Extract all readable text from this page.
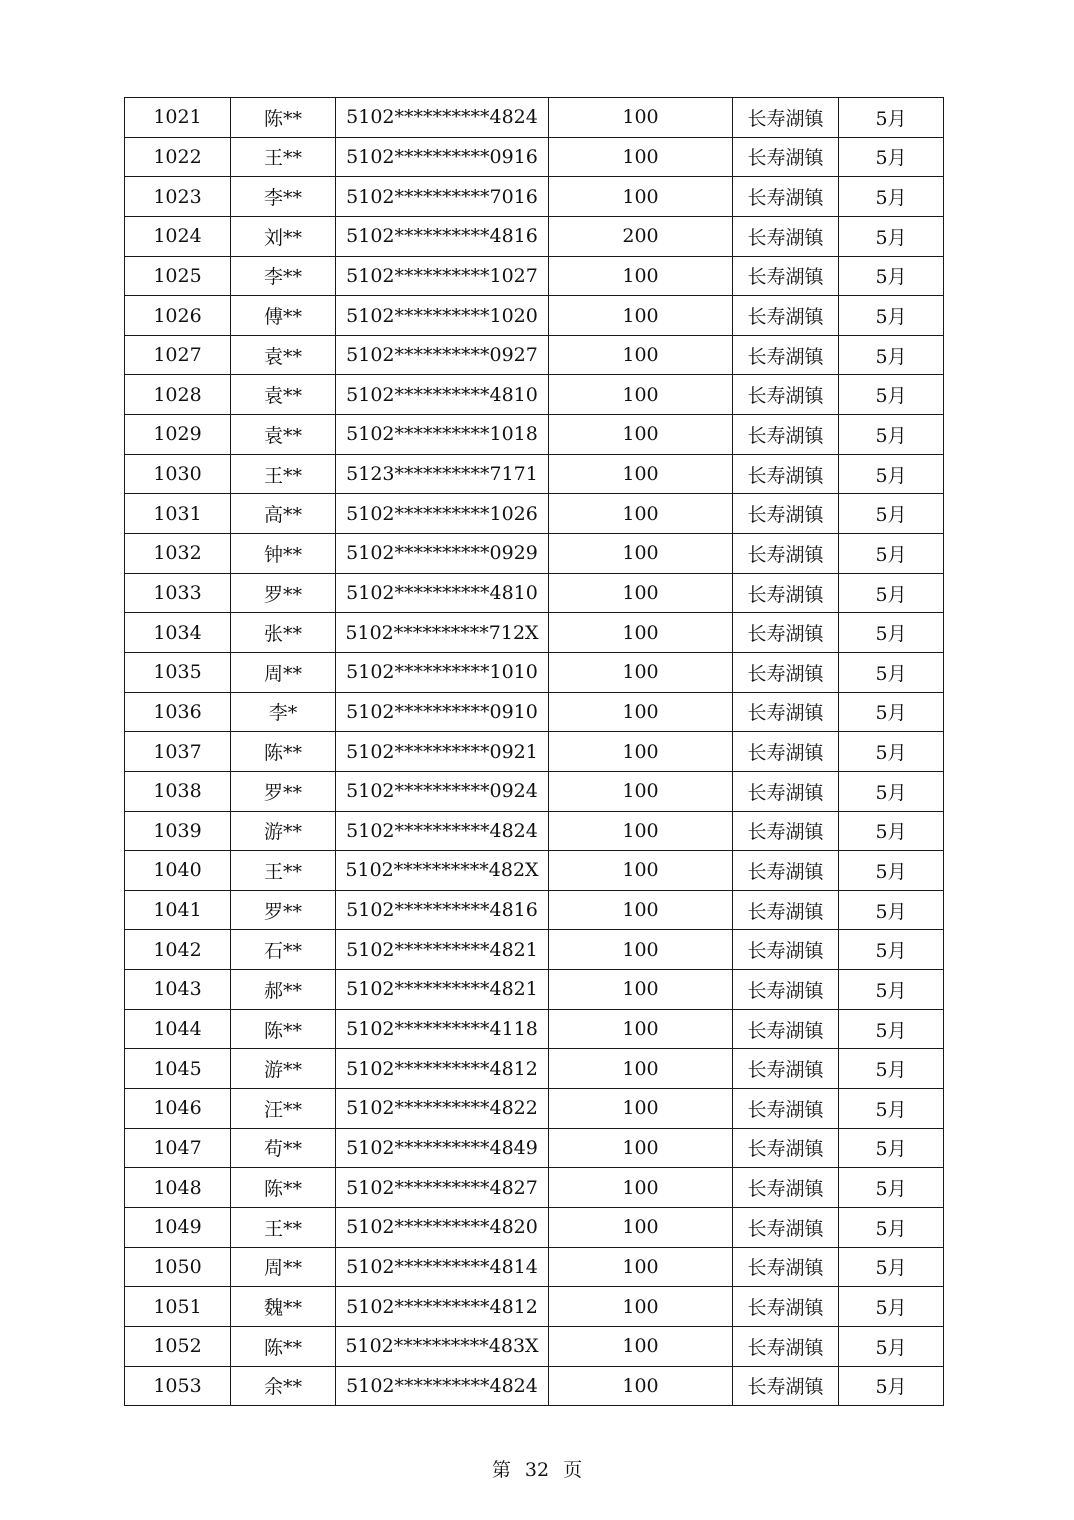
1021	陈**	5102**********4824	100	长寿湖镇	5月
1022	王**	5102**********0916	100	长寿湖镇	5月
1023	李**	5102**********7016	100	长寿湖镇	5月
1024	刘**	5102**********4816	200	长寿湖镇	5月
1025	李**	5102**********1027	100	长寿湖镇	5月
1026	傅**	5102**********1020	100	长寿湖镇	5月
1027	袁**	5102**********0927	100	长寿湖镇	5月
1028	袁**	5102**********4810	100	长寿湖镇	5月
1029	袁**	5102**********1018	100	长寿湖镇	5月
1030	王**	5123**********7171	100	长寿湖镇	5月
1031	高**	5102**********1026	100	长寿湖镇	5月
1032	钟**	5102**********0929	100	长寿湖镇	5月
1033	罗**	5102**********4810	100	长寿湖镇	5月
1034	张**	5102**********712X	100	长寿湖镇	5月
1035	周**	5102**********1010	100	长寿湖镇	5月
1036	李*	5102**********0910	100	长寿湖镇	5月
1037	陈**	5102**********0921	100	长寿湖镇	5月
1038	罗**	5102**********0924	100	长寿湖镇	5月
1039	游**	5102**********4824	100	长寿湖镇	5月
1040	王**	5102**********482X	100	长寿湖镇	5月
1041	罗**	5102**********4816	100	长寿湖镇	5月
1042	石**	5102**********4821	100	长寿湖镇	5月
1043	郝**	5102**********4821	100	长寿湖镇	5月
1044	陈**	5102**********4118	100	长寿湖镇	5月
1045	游**	5102**********4812	100	长寿湖镇	5月
1046	汪**	5102**********4822	100	长寿湖镇	5月
1047	苟**	5102**********4849	100	长寿湖镇	5月
1048	陈**	5102**********4827	100	长寿湖镇	5月
1049	王**	5102**********4820	100	长寿湖镇	5月
1050	周**	5102**********4814	100	长寿湖镇	5月
1051	魏**	5102**********4812	100	长寿湖镇	5月
1052	陈**	5102**********483X	100	长寿湖镇	5月
1053	余**	5102**********4824	100	长寿湖镇	5月
第 32 页
